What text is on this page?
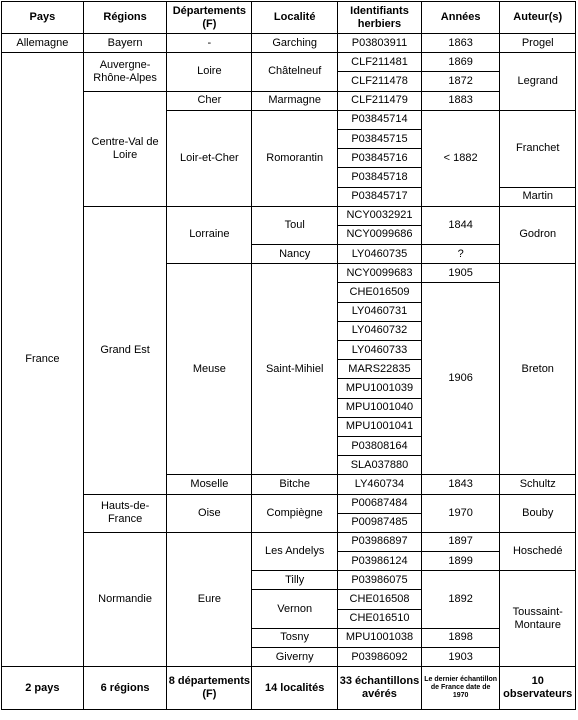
Pays	Régions	Départements (F)	Localité	Identifiants herbiers	Années	Auteur(s)
Allemagne	Bayern	-	Garching	P03803911	1863	Progel
France	Auvergne-Rhône-Alpes	Loire	Châtelneuf	CLF211481	1869	Legrand
				CLF211478	1872	
	Centre-Val de Loire	Cher	Marmagne	CLF211479	1883	
		Loir-et-Cher	Romorantin	P03845714	< 1882	Franchet
				P03845715		
				P03845716		
				P03845718		
				P03845717		Martin
	Grand Est	Lorraine	Toul	NCY0032921	1844	Godron
				NCY0099686		
			Nancy	LY0460735	?	
		Meuse	Saint-Mihiel	NCY0099683	1905	Breton
				CHE016509	1906	
				LY0460731		
				LY0460732		
				LY0460733		
				MARS22835		
				MPU1001039		
				MPU1001040		
				MPU1001041		
				P03808164		
				SLA037880		
		Moselle	Bitche	LY460734	1843	Schultz
	Hauts-de-France	Oise	Compiègne	P00687484	1970	Bouby
				P00987485		
	Normandie	Eure	Les Andelys	P03986897	1897	Hoschedé
				P03986124	1899	
			Tilly	P03986075	1892	Toussaint-Montaure
			Vernon	CHE016508		
				CHE016510		
			Tosny	MPU1001038	1898	
			Giverny	P03986092	1903	
2 pays	6 régions	8 départements (F)	14 localités	33 échantillons avérés	Le dernier échantillon de France date de 1970	10 observateurs
